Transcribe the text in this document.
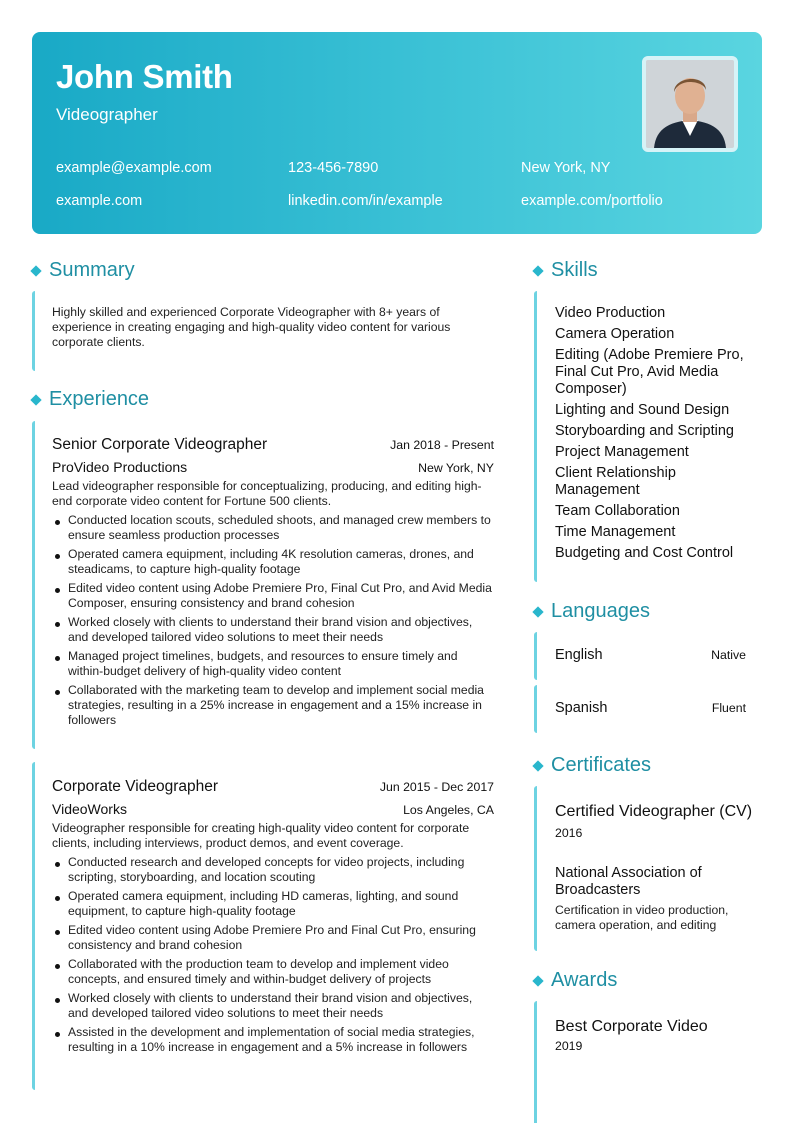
John Smith
Videographer
example@example.com	123-456-7890	New York, NY
example.com	linkedin.com/in/example	example.com/portfolio
Summary
Highly skilled and experienced Corporate Videographer with 8+ years of experience in creating engaging and high-quality video content for various corporate clients.
Experience
Senior Corporate Videographer	Jan 2018 - Present
ProVideo Productions	New York, NY
Lead videographer responsible for conceptualizing, producing, and editing high-end corporate video content for Fortune 500 clients.
Conducted location scouts, scheduled shoots, and managed crew members to ensure seamless production processes
Operated camera equipment, including 4K resolution cameras, drones, and steadicams, to capture high-quality footage
Edited video content using Adobe Premiere Pro, Final Cut Pro, and Avid Media Composer, ensuring consistency and brand cohesion
Worked closely with clients to understand their brand vision and objectives, and developed tailored video solutions to meet their needs
Managed project timelines, budgets, and resources to ensure timely and within-budget delivery of high-quality video content
Collaborated with the marketing team to develop and implement social media strategies, resulting in a 25% increase in engagement and a 15% increase in followers
Corporate Videographer	Jun 2015 - Dec 2017
VideoWorks	Los Angeles, CA
Videographer responsible for creating high-quality video content for corporate clients, including interviews, product demos, and event coverage.
Conducted research and developed concepts for video projects, including scripting, storyboarding, and location scouting
Operated camera equipment, including HD cameras, lighting, and sound equipment, to capture high-quality footage
Edited video content using Adobe Premiere Pro and Final Cut Pro, ensuring consistency and brand cohesion
Collaborated with the production team to develop and implement video concepts, and ensured timely and within-budget delivery of projects
Worked closely with clients to understand their brand vision and objectives, and developed tailored video solutions to meet their needs
Assisted in the development and implementation of social media strategies, resulting in a 10% increase in engagement and a 5% increase in followers
Skills
Video Production
Camera Operation
Editing (Adobe Premiere Pro, Final Cut Pro, Avid Media Composer)
Lighting and Sound Design
Storyboarding and Scripting
Project Management
Client Relationship Management
Team Collaboration
Time Management
Budgeting and Cost Control
Languages
English	Native
Spanish	Fluent
Certificates
Certified Videographer (CV)
2016
National Association of Broadcasters
Certification in video production, camera operation, and editing
Awards
Best Corporate Video
2019
